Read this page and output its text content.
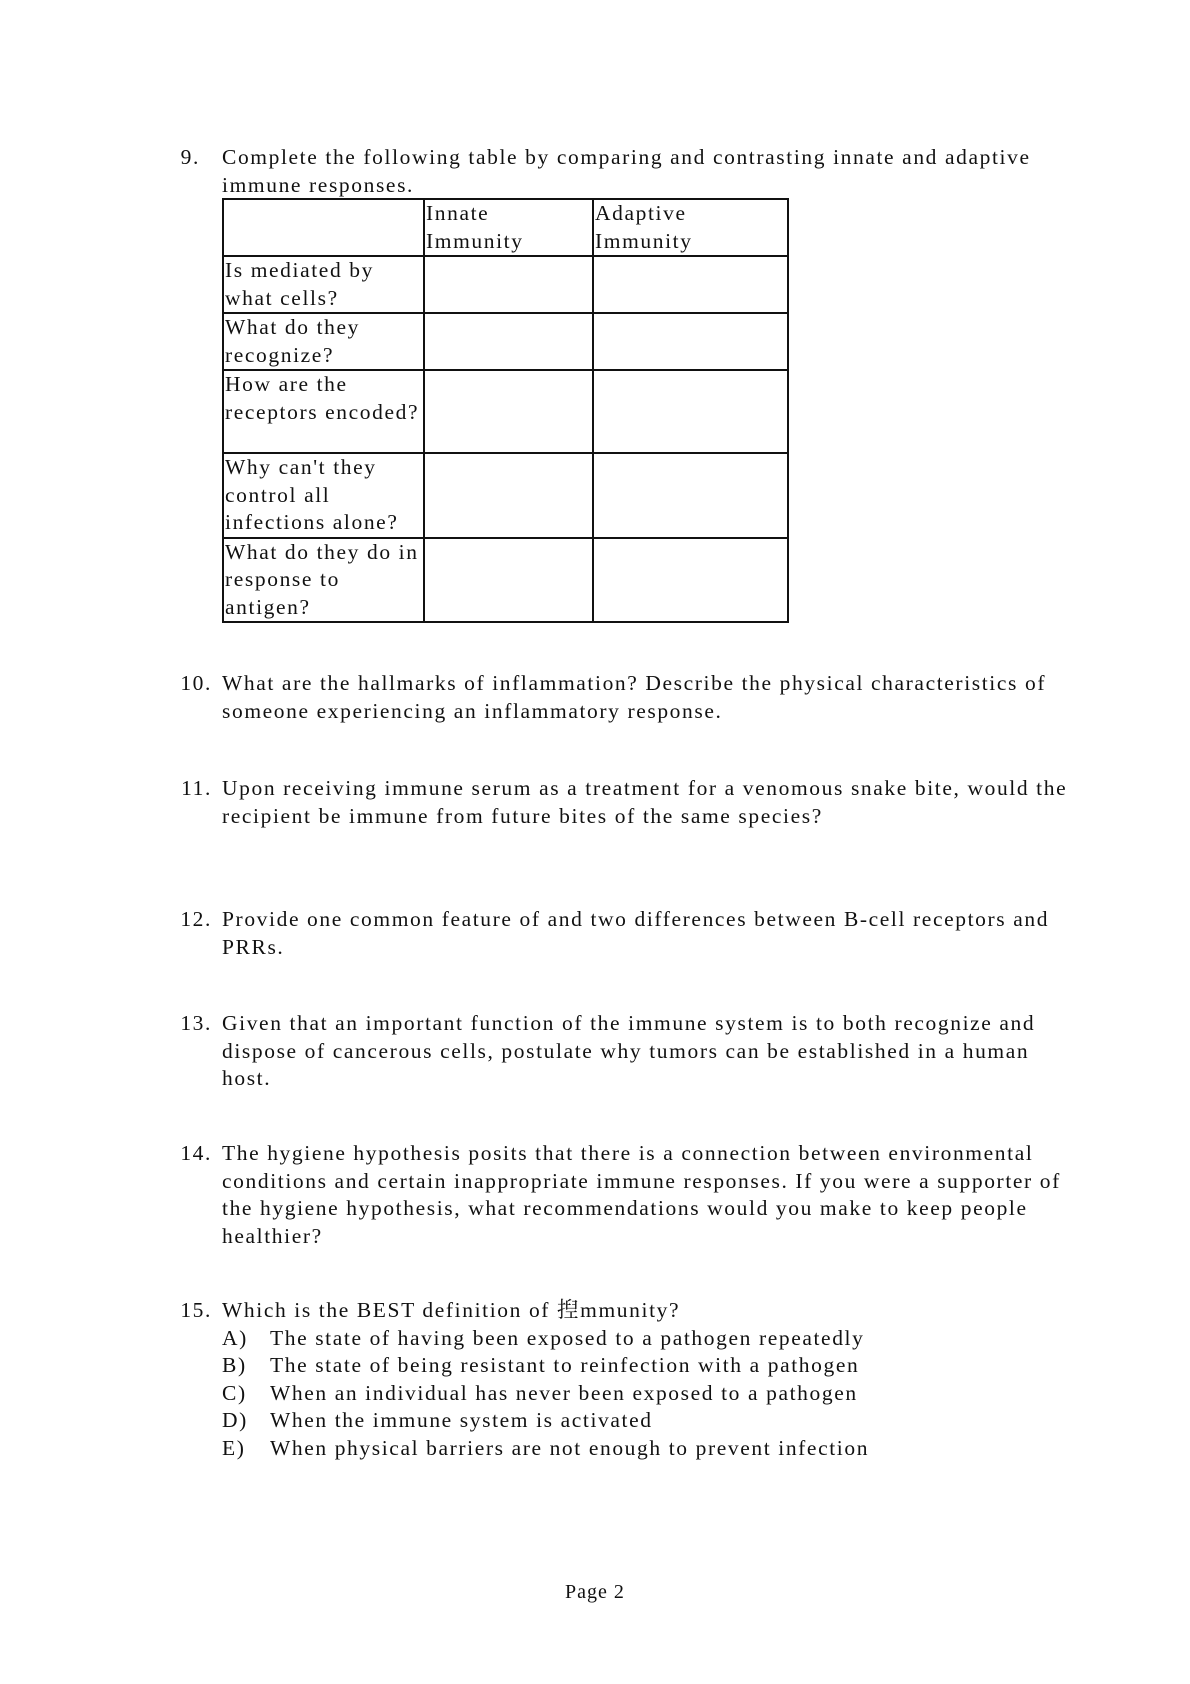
9. Complete the following table by comparing and contrasting innate and adaptive immune responses.
	Innate Immunity	Adaptive Immunity
Is mediated by what cells?		
What do they recognize?		
How are the receptors encoded?		
Why can't they control all infections alone?		
What do they do in response to antigen?		
10. What are the hallmarks of inflammation? Describe the physical characteristics of someone experiencing an inflammatory response.
11. Upon receiving immune serum as a treatment for a venomous snake bite, would the recipient be immune from future bites of the same species?
12. Provide one common feature of and two differences between B-cell receptors and PRRs.
13. Given that an important function of the immune system is to both recognize and dispose of cancerous cells, postulate why tumors can be established in a human host.
14. The hygiene hypothesis posits that there is a connection between environmental conditions and certain inappropriate immune responses. If you were a supporter of the hygiene hypothesis, what recommendations would you make to keep people healthier?
15. Which is the BEST definition of 揑mmunity?
A) The state of having been exposed to a pathogen repeatedly
B) The state of being resistant to reinfection with a pathogen
C) When an individual has never been exposed to a pathogen
D) When the immune system is activated
E) When physical barriers are not enough to prevent infection
Page 2
